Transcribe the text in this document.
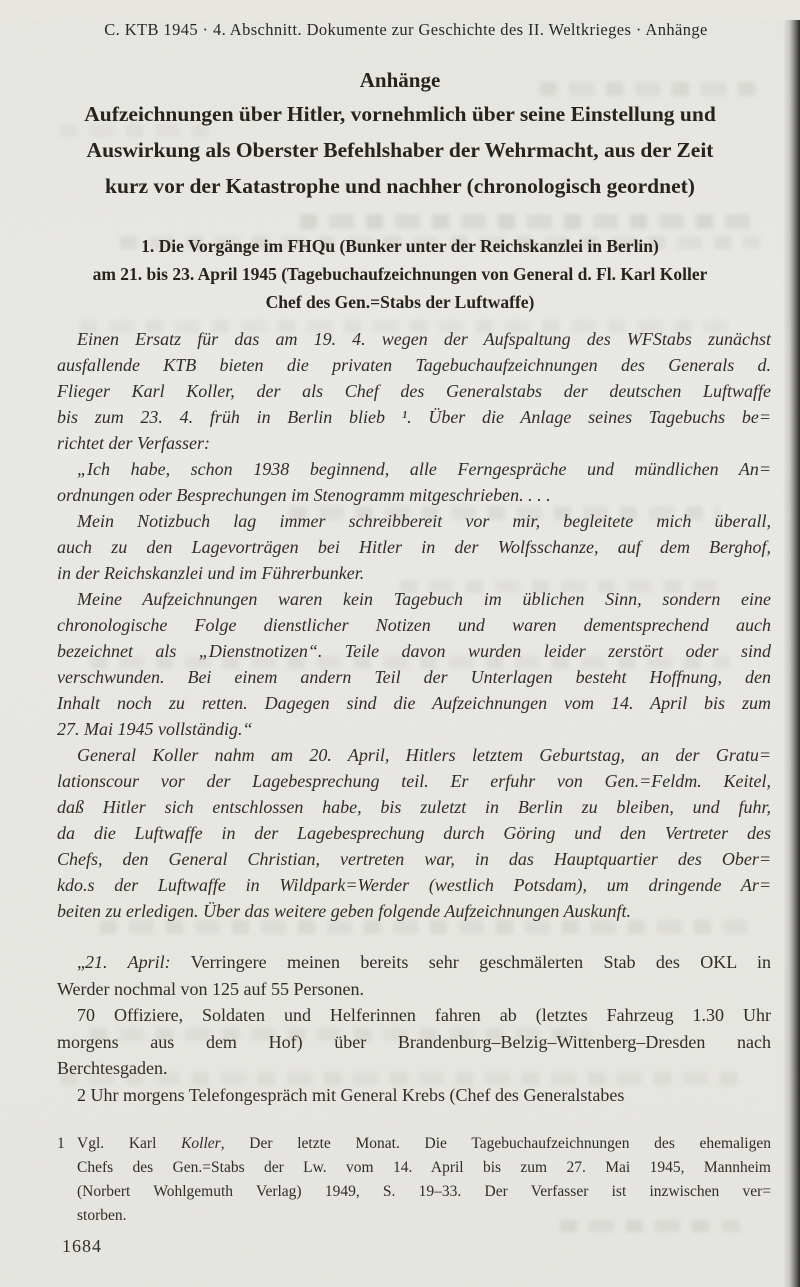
C. KTB 1945 · 4. Abschnitt. Dokumente zur Geschichte des II. Weltkrieges · Anhänge
Anhänge
Aufzeichnungen über Hitler, vornehmlich über seine Einstellung und
Auswirkung als Oberster Befehlshaber der Wehrmacht, aus der Zeit
kurz vor der Katastrophe und nachher (chronologisch geordnet)
1. Die Vorgänge im FHQu (Bunker unter der Reichskanzlei in Berlin)
am 21. bis 23. April 1945 (Tagebuchaufzeichnungen von General d. Fl. Karl Koller
Chef des Gen.=Stabs der Luftwaffe)

Einen Ersatz für das am 19. 4. wegen der Aufspaltung des WFStabs zunächst
ausfallende KTB bieten die privaten Tagebuchaufzeichnungen des Generals d.
Flieger Karl Koller, der als Chef des Generalstabs der deutschen Luftwaffe
bis zum 23. 4. früh in Berlin blieb ¹. Über die Anlage seines Tagebuchs be=
richtet der Verfasser:

„Ich habe, schon 1938 beginnend, alle Ferngespräche und mündlichen An=
ordnungen oder Besprechungen im Stenogramm mitgeschrieben. . . .

Mein Notizbuch lag immer schreibbereit vor mir, begleitete mich überall,
auch zu den Lagevorträgen bei Hitler in der Wolfsschanze, auf dem Berghof,
in der Reichskanzlei und im Führerbunker.

Meine Aufzeichnungen waren kein Tagebuch im üblichen Sinn, sondern eine
chronologische Folge dienstlicher Notizen und waren dementsprechend auch
bezeichnet als „Dienstnotizen“. Teile davon wurden leider zerstört oder sind
verschwunden. Bei einem andern Teil der Unterlagen besteht Hoffnung, den
Inhalt noch zu retten. Dagegen sind die Aufzeichnungen vom 14. April bis zum
27. Mai 1945 vollständig.“

General Koller nahm am 20. April, Hitlers letztem Geburtstag, an der Gratu=
lationscour vor der Lagebesprechung teil. Er erfuhr von Gen.=Feldm. Keitel,
daß Hitler sich entschlossen habe, bis zuletzt in Berlin zu bleiben, und fuhr,
da die Luftwaffe in der Lagebesprechung durch Göring und den Vertreter des
Chefs, den General Christian, vertreten war, in das Hauptquartier des Ober=
kdo.s der Luftwaffe in Wildpark=Werder (westlich Potsdam), um dringende Ar=
beiten zu erledigen. Über das weitere geben folgende Aufzeichnungen Auskunft.

„21. April: Verringere meinen bereits sehr geschmälerten Stab des OKL in
Werder nochmal von 125 auf 55 Personen.

70 Offiziere, Soldaten und Helferinnen fahren ab (letztes Fahrzeug 1.30 Uhr
morgens aus dem Hof) über Brandenburg–Belzig–Wittenberg–Dresden nach
Berchtesgaden.

2 Uhr morgens Telefongespräch mit General Krebs (Chef des Generalstabes

1 Vgl. Karl Koller, Der letzte Monat. Die Tagebuchaufzeichnungen des ehemaligen
Chefs des Gen.=Stabs der Lw. vom 14. April bis zum 27. Mai 1945, Mannheim
(Norbert Wohlgemuth Verlag) 1949, S. 19–33. Der Verfasser ist inzwischen ver=
storben.
1684
